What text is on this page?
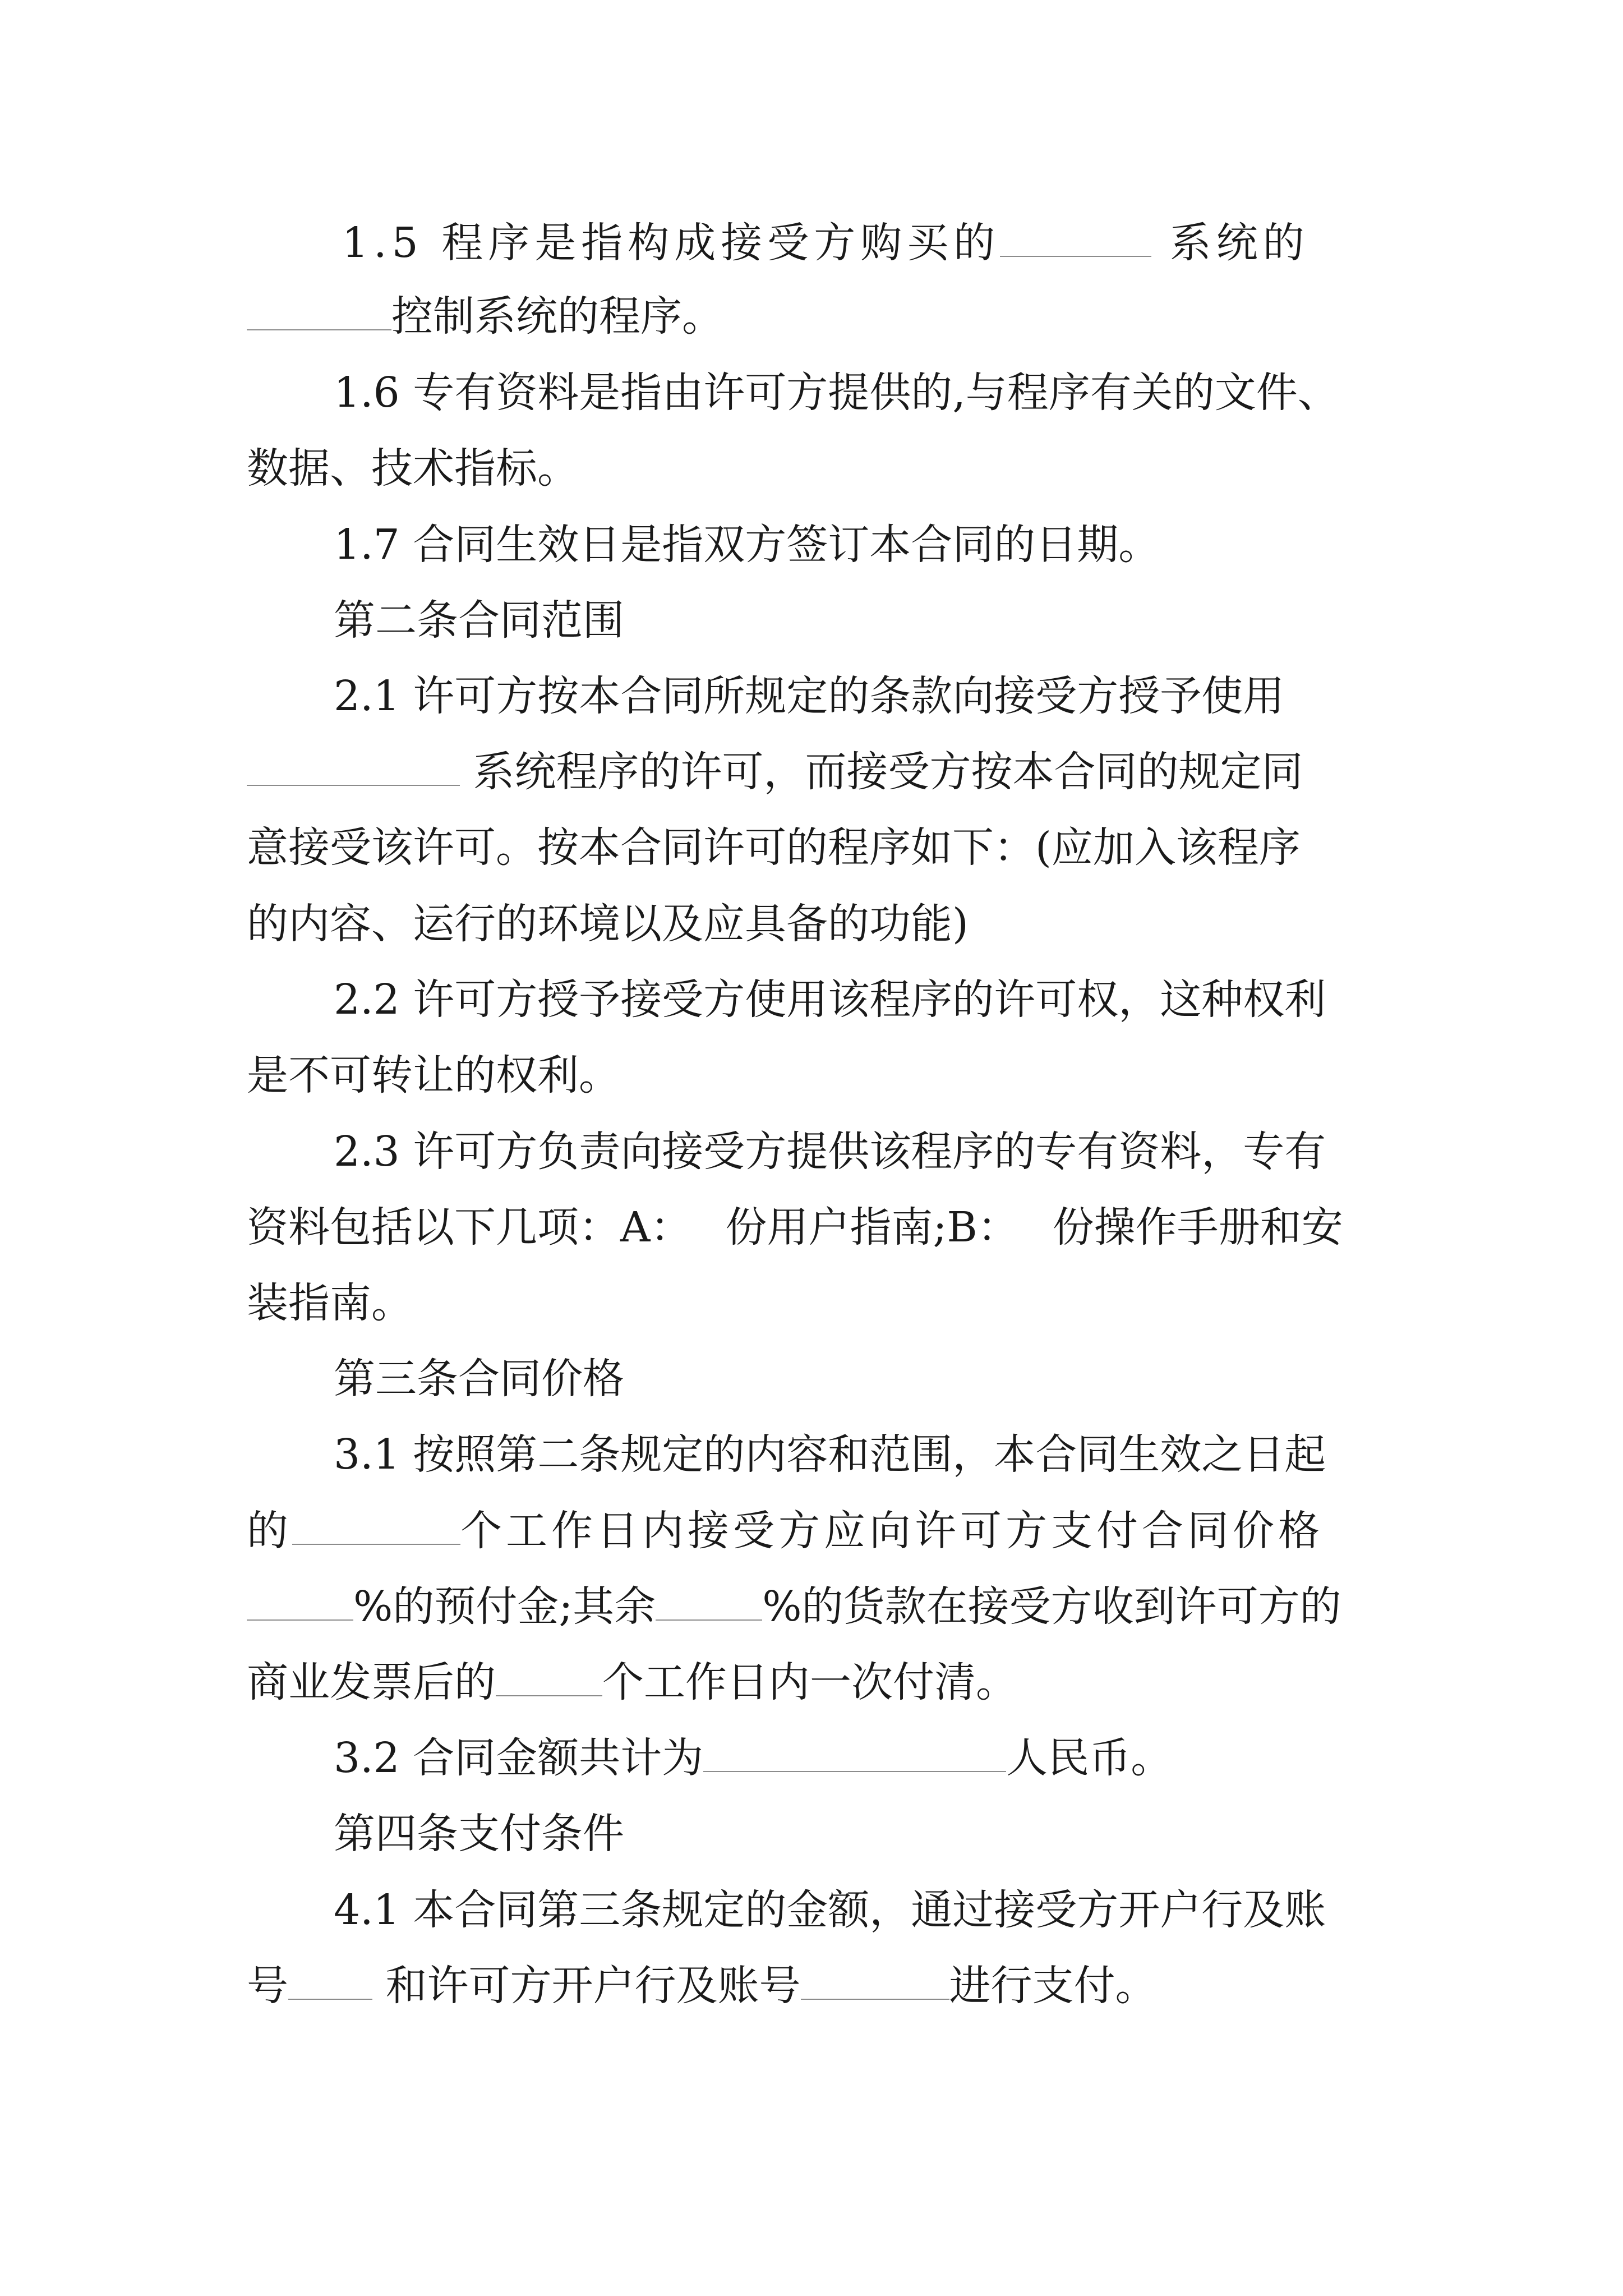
1.5 程序是指构成接受方购买的	系统的
控制系统的程序。
1.6 专有资料是指由许可方提供的,与程序有关的文件、
数据、技术指标。
1.7 合同生效日是指双方签订本合同的日期。
第二条合同范围
2.1 许可方按本合同所规定的条款向接受方授予使用
系统程序的许可，而接受方按本合同的规定同
意接受该许可。按本合同许可的程序如下：(应加入该程序
的内容、运行的环境以及应具备的功能)
2.2 许可方授予接受方使用该程序的许可权，这种权利
是不可转让的权利。
2.3 许可方负责向接受方提供该程序的专有资料，专有
资料包括以下几项：A： 份用户指南;B： 份操作手册和安
装指南。
第三条合同价格
3.1 按照第二条规定的内容和范围，本合同生效之日起
的	个工作日内接受方应向许可方支付合同价格
%的预付金;其余	%的货款在接受方收到许可方的
商业发票后的	个工作日内一次付清。
3.2 合同金额共计为	人民币。
第四条支付条件
4.1 本合同第三条规定的金额，通过接受方开户行及账
号 和许可方开户行及账号	进行支付。
